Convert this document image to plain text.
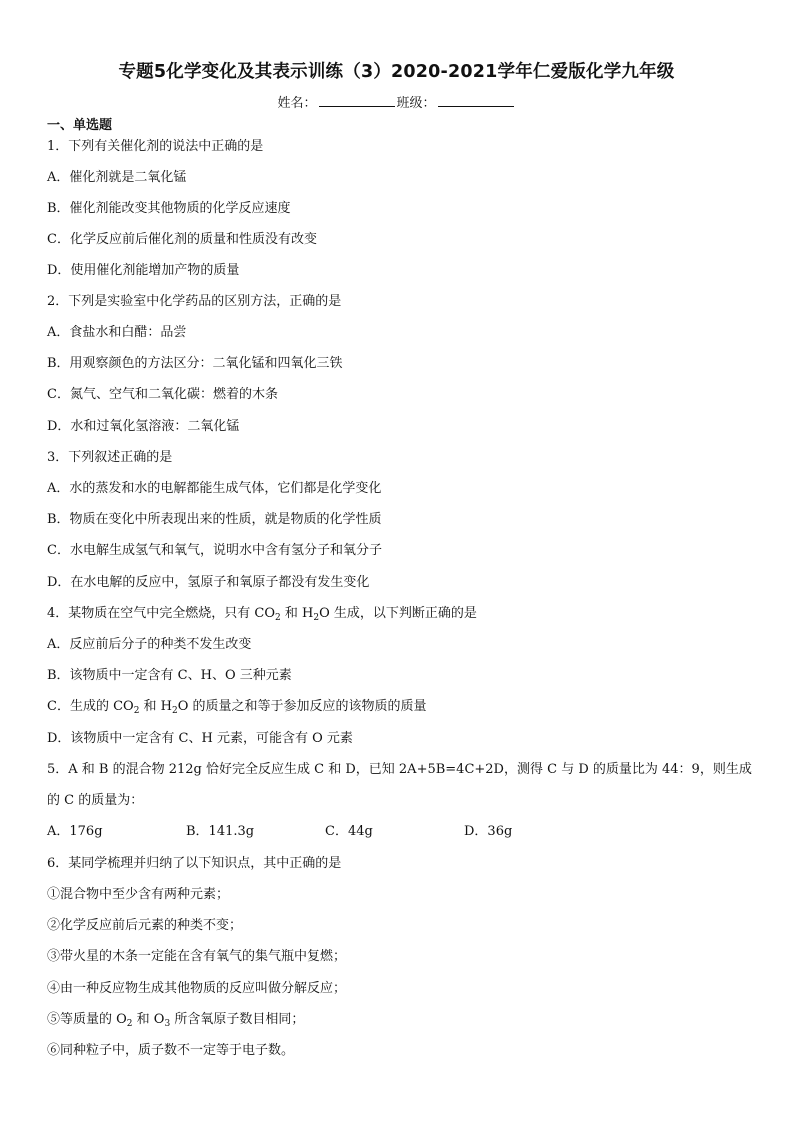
专题5化学变化及其表示训练（3）2020-2021学年仁爱版化学九年级
姓名：	班级：
一、单选题
1．下列有关催化剂的说法中正确的是
A．催化剂就是二氧化锰
B．催化剂能改变其他物质的化学反应速度
C．化学反应前后催化剂的质量和性质没有改变
D．使用催化剂能增加产物的质量
2．下列是实验室中化学药品的区别方法，正确的是
A．食盐水和白醋：品尝
B．用观察颜色的方法区分：二氧化锰和四氧化三铁
C．氮气、空气和二氧化碳：燃着的木条
D．水和过氧化氢溶液：二氧化锰
3．下列叙述正确的是
A．水的蒸发和水的电解都能生成气体，它们都是化学变化
B．物质在变化中所表现出来的性质，就是物质的化学性质
C．水电解生成氢气和氧气，说明水中含有氢分子和氧分子
D．在水电解的反应中，氢原子和氧原子都没有发生变化
4．某物质在空气中完全燃烧，只有 $CO_2$ 和 $H_2O$ 生成，以下判断正确的是
A．反应前后分子的种类不发生改变
B．该物质中一定含有 C、H、O 三种元素
C．生成的 $CO_2$ 和 $H_2O$ 的质量之和等于参加反应的该物质的质量
D．该物质中一定含有 C、H 元素，可能含有 O 元素
5．A 和 B 的混合物 212g 恰好完全反应生成 C 和 D，已知 2A+5B=4C+2D，测得 C 与 D 的质量比为 44：9，则生成
的 C 的质量为：
A．176g	B．141.3g	C．44g	D．36g
6．某同学梳理并归纳了以下知识点，其中正确的是
①混合物中至少含有两种元素；
②化学反应前后元素的种类不变；
③带火星的木条一定能在含有氧气的集气瓶中复燃；
④由一种反应物生成其他物质的反应叫做分解反应；
⑤等质量的 $O_2$ 和 $O_3$ 所含氧原子数目相同；
⑥同种粒子中，质子数不一定等于电子数。
